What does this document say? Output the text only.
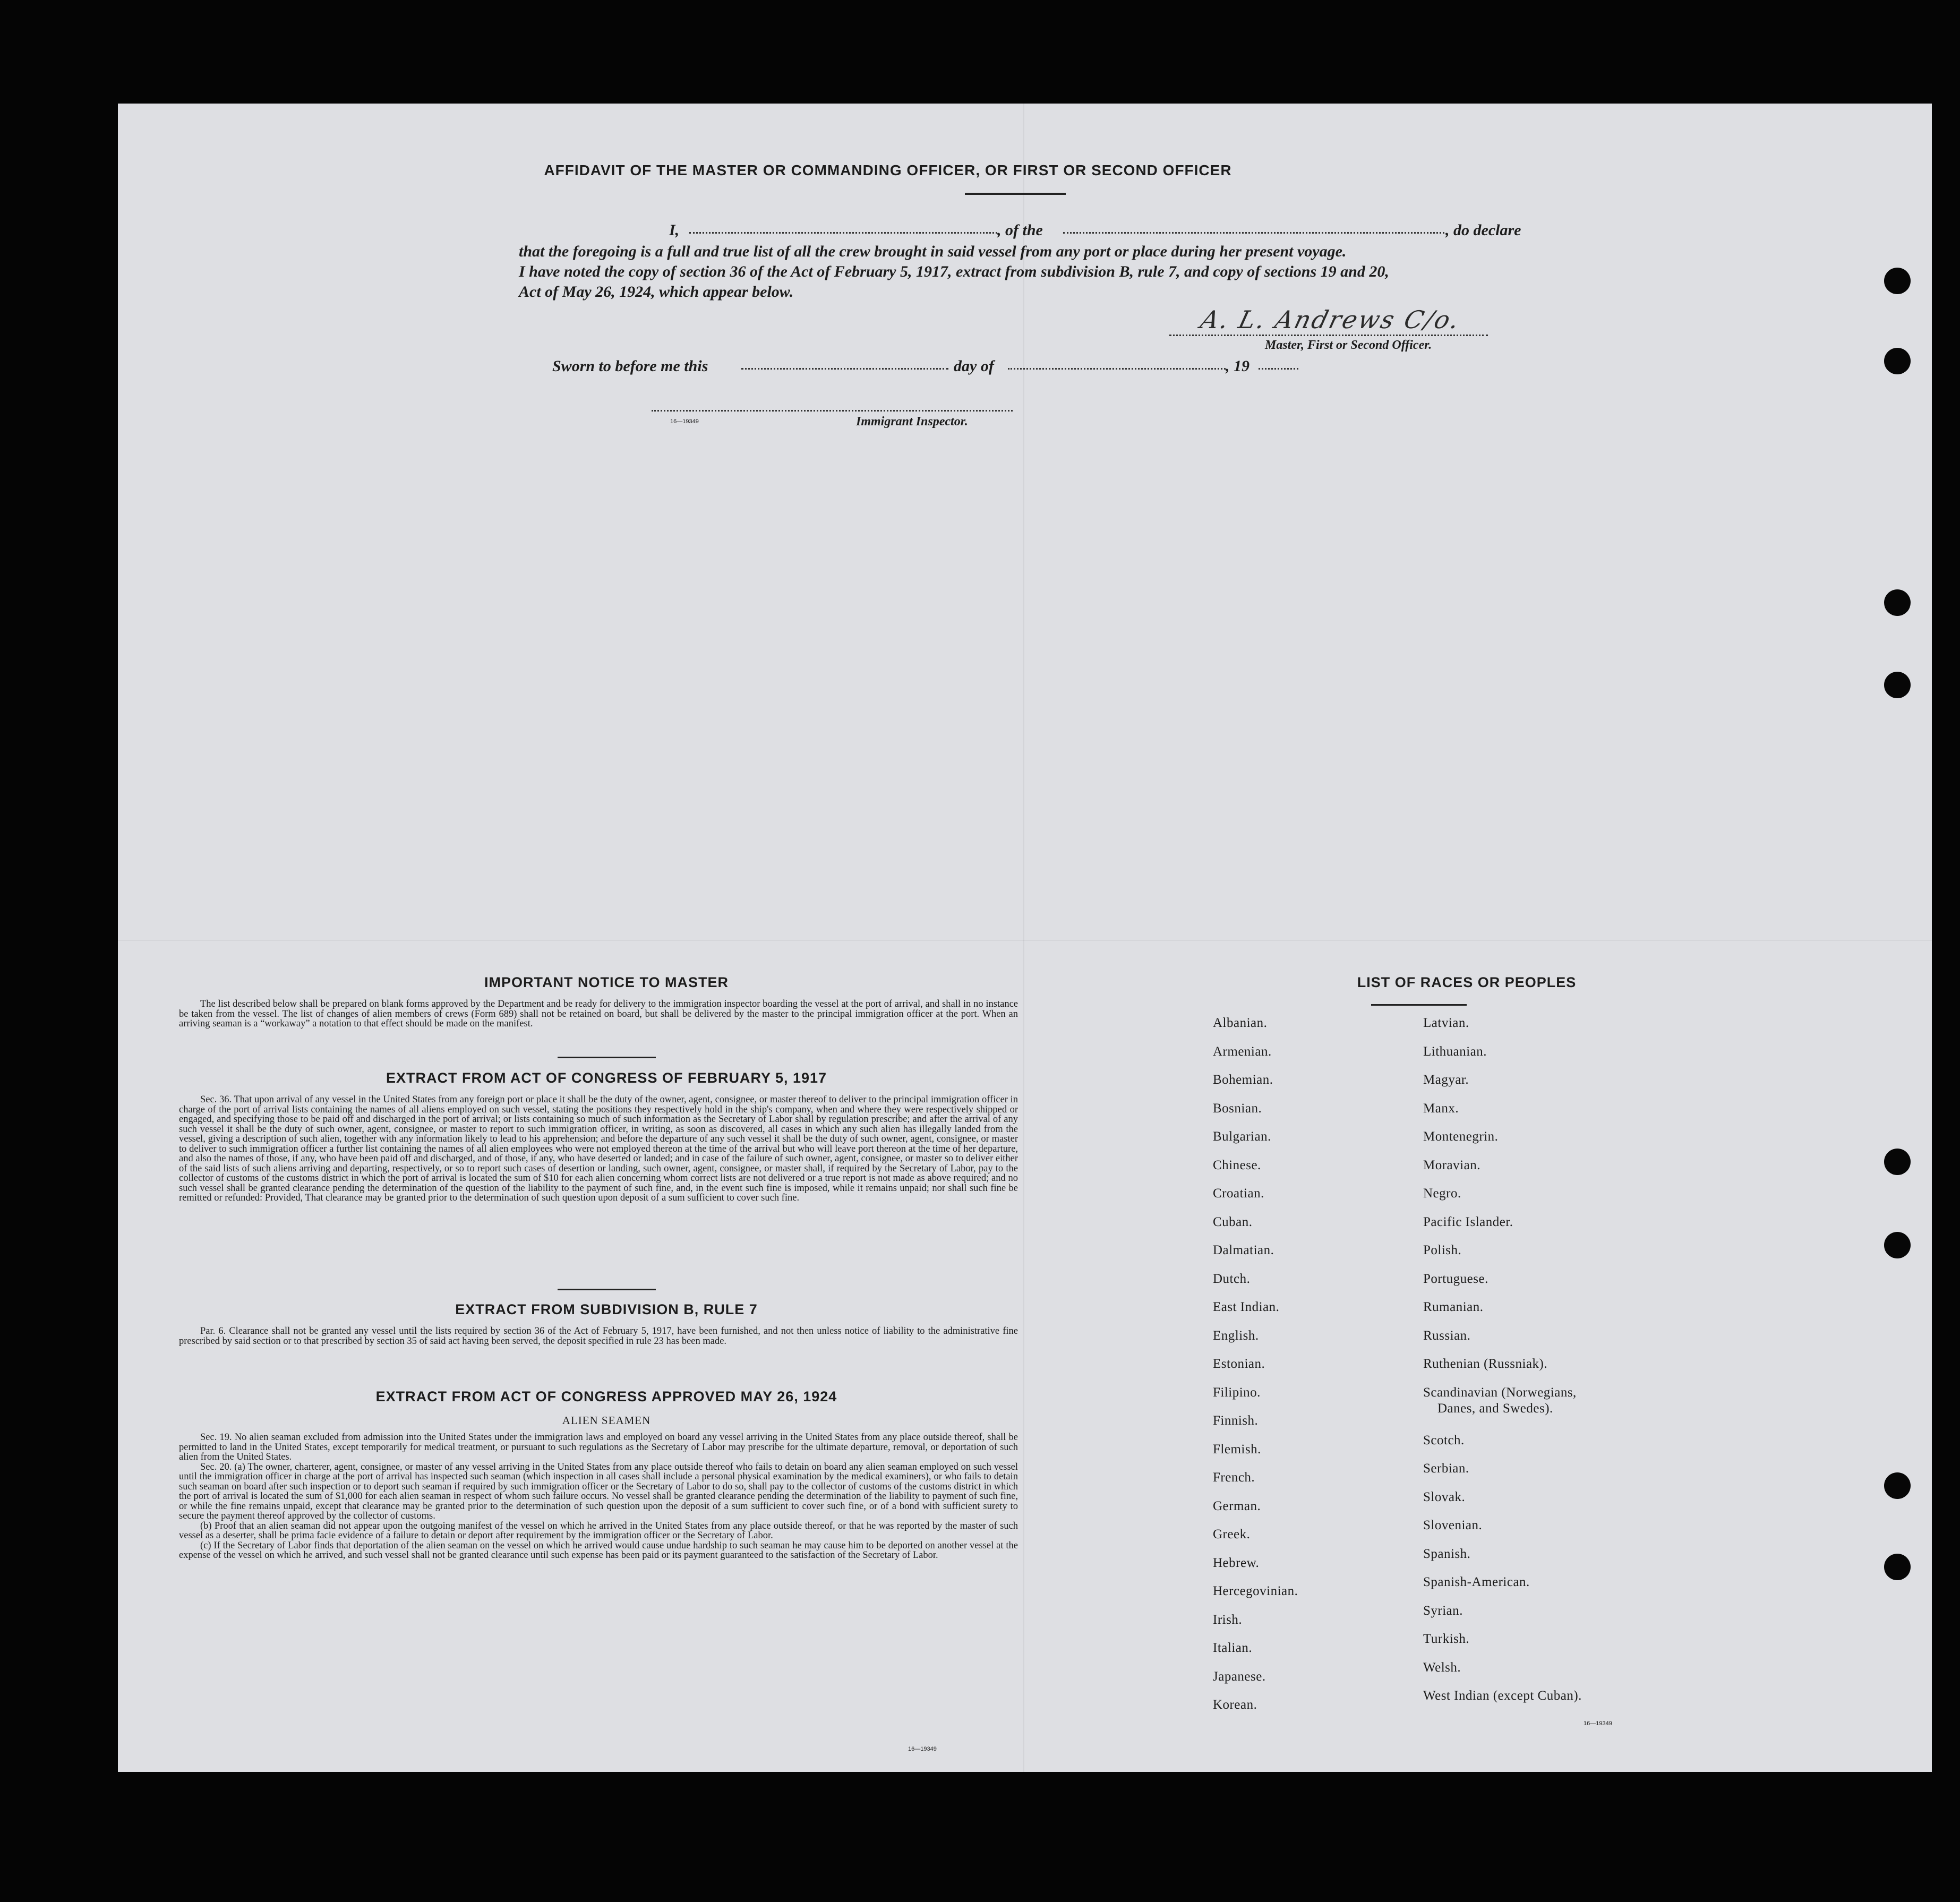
AFFIDAVIT OF THE MASTER OR COMMANDING OFFICER, OR FIRST OR SECOND OFFICER
I,	, of the	, do declare
that the foregoing is a full and true list of all the crew brought in said vessel from any port or place during her present voyage.
I have noted the copy of section 36 of the Act of February 5, 1917, extract from subdivision B, rule 7, and copy of sections 19 and 20,
Act of May 26, 1924, which appear below.
A. L. Andrews C/o.
Master, First or Second Officer.
Sworn to before me this	day of	, 19
16—19349	Immigrant Inspector.
IMPORTANT NOTICE TO MASTER

The list described below shall be prepared on blank forms approved by the Department and be ready for delivery to the immigration inspector boarding the vessel at the port of arrival, and shall in no instance be taken from the vessel. The list of changes of alien members of crews (Form 689) shall not be retained on board, but shall be delivered by the master to the principal immigration officer at the port. When an arriving seaman is a “workaway” a notation to that effect should be made on the manifest.

EXTRACT FROM ACT OF CONGRESS OF FEBRUARY 5, 1917

Sec. 36. That upon arrival of any vessel in the United States from any foreign port or place it shall be the duty of the owner, agent, consignee, or master thereof to deliver to the principal immigration officer in charge of the port of arrival lists containing the names of all aliens employed on such vessel, stating the positions they respectively hold in the ship's company, when and where they were respectively shipped or engaged, and specifying those to be paid off and discharged in the port of arrival; or lists containing so much of such information as the Secretary of Labor shall by regulation prescribe; and after the arrival of any such vessel it shall be the duty of such owner, agent, consignee, or master to report to such immigration officer, in writing, as soon as discovered, all cases in which any such alien has illegally landed from the vessel, giving a description of such alien, together with any information likely to lead to his apprehension; and before the departure of any such vessel it shall be the duty of such owner, agent, consignee, or master to deliver to such immigration officer a further list containing the names of all alien employees who were not employed thereon at the time of the arrival but who will leave port thereon at the time of her departure, and also the names of those, if any, who have been paid off and discharged, and of those, if any, who have deserted or landed; and in case of the failure of such owner, agent, consignee, or master so to deliver either of the said lists of such aliens arriving and departing, respectively, or so to report such cases of desertion or landing, such owner, agent, consignee, or master shall, if required by the Secretary of Labor, pay to the collector of customs of the customs district in which the port of arrival is located the sum of $10 for each alien concerning whom correct lists are not delivered or a true report is not made as above required; and no such vessel shall be granted clearance pending the determination of the question of the liability to the payment of such fine, and, in the event such fine is imposed, while it remains unpaid; nor shall such fine be remitted or refunded: Provided, That clearance may be granted prior to the determination of such question upon deposit of a sum sufficient to cover such fine.

EXTRACT FROM SUBDIVISION B, RULE 7

Par. 6. Clearance shall not be granted any vessel until the lists required by section 36 of the Act of February 5, 1917, have been furnished, and not then unless notice of liability to the administrative fine prescribed by said section or to that prescribed by section 35 of said act having been served, the deposit specified in rule 23 has been made.

EXTRACT FROM ACT OF CONGRESS APPROVED MAY 26, 1924
ALIEN SEAMEN

Sec. 19. No alien seaman excluded from admission into the United States under the immigration laws and employed on board any vessel arriving in the United States from any place outside thereof, shall be permitted to land in the United States, except temporarily for medical treatment, or pursuant to such regulations as the Secretary of Labor may prescribe for the ultimate departure, removal, or deportation of such alien from the United States.

Sec. 20. (a) The owner, charterer, agent, consignee, or master of any vessel arriving in the United States from any place outside thereof who fails to detain on board any alien seaman employed on such vessel until the immigration officer in charge at the port of arrival has inspected such seaman (which inspection in all cases shall include a personal physical examination by the medical examiners), or who fails to detain such seaman on board after such inspection or to deport such seaman if required by such immigration officer or the Secretary of Labor to do so, shall pay to the collector of customs of the customs district in which the port of arrival is located the sum of $1,000 for each alien seaman in respect of whom such failure occurs. No vessel shall be granted clearance pending the determination of the liability to payment of such fine, or while the fine remains unpaid, except that clearance may be granted prior to the determination of such question upon the deposit of a sum sufficient to cover such fine, or of a bond with sufficient surety to secure the payment thereof approved by the collector of customs.

(b) Proof that an alien seaman did not appear upon the outgoing manifest of the vessel on which he arrived in the United States from any place outside thereof, or that he was reported by the master of such vessel as a deserter, shall be prima facie evidence of a failure to detain or deport after requirement by the immigration officer or the Secretary of Labor.

(c) If the Secretary of Labor finds that deportation of the alien seaman on the vessel on which he arrived would cause undue hardship to such seaman he may cause him to be deported on another vessel at the expense of the vessel on which he arrived, and such vessel shall not be granted clearance until such expense has been paid or its payment guaranteed to the satisfaction of the Secretary of Labor.

16—19349
LIST OF RACES OR PEOPLES
Albanian.
Armenian.
Bohemian.
Bosnian.
Bulgarian.
Chinese.
Croatian.
Cuban.
Dalmatian.
Dutch.
East Indian.
English.
Estonian.
Filipino.
Finnish.
Flemish.
French.
German.
Greek.
Hebrew.
Hercegovinian.
Irish.
Italian.
Japanese.
Korean.
Latvian.
Lithuanian.
Magyar.
Manx.
Montenegrin.
Moravian.
Negro.
Pacific Islander.
Polish.
Portuguese.
Rumanian.
Russian.
Ruthenian (Russniak).
Scandinavian (Norwegians,
Danes, and Swedes).
Scotch.
Serbian.
Slovak.
Slovenian.
Spanish.
Spanish-American.
Syrian.
Turkish.
Welsh.
West Indian (except Cuban).
16—19349
